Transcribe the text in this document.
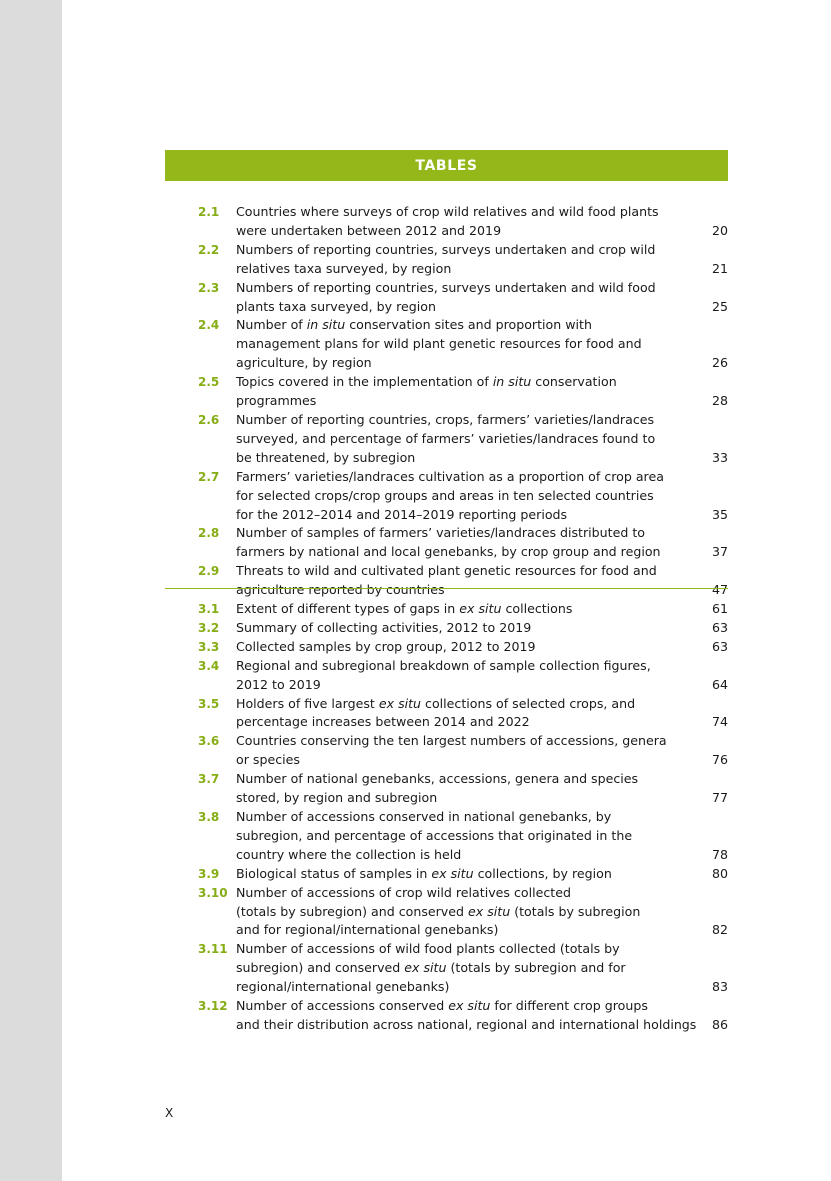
TABLES
2.1	Countries where surveys of crop wild relatives and wild food plants
were undertaken between 2012 and 2019	20
2.2	Numbers of reporting countries, surveys undertaken and crop wild
relatives taxa surveyed, by region	21
2.3	Numbers of reporting countries, surveys undertaken and wild food
plants taxa surveyed, by region	25
2.4	Number of in situ conservation sites and proportion with
management plans for wild plant genetic resources for food and
agriculture, by region	26
2.5	Topics covered in the implementation of in situ conservation programmes	28
2.6	Number of reporting countries, crops, farmers’ varieties/landraces
surveyed, and percentage of farmers’ varieties/landraces found to
be threatened, by subregion	33
2.7	Farmers’ varieties/landraces cultivation as a proportion of crop area
for selected crops/crop groups and areas in ten selected countries
for the 2012–2014 and 2014–2019 reporting periods	35
2.8	Number of samples of farmers’ varieties/landraces distributed to
farmers by national and local genebanks, by crop group and region	37
2.9	Threats to wild and cultivated plant genetic resources for food and
agriculture reported by countries	47
3.1	Extent of different types of gaps in ex situ collections	61
3.2	Summary of collecting activities, 2012 to 2019	63
3.3	Collected samples by crop group, 2012 to 2019	63
3.4	Regional and subregional breakdown of sample collection figures,
2012 to 2019	64
3.5	Holders of five largest ex situ collections of selected crops, and
percentage increases between 2014 and 2022	74
3.6	Countries conserving the ten largest numbers of accessions, genera
or species	76
3.7	Number of national genebanks, accessions, genera and species
stored, by region and subregion	77
3.8	Number of accessions conserved in national genebanks, by
subregion, and percentage of accessions that originated in the
country where the collection is held	78
3.9	Biological status of samples in ex situ collections, by region	80
3.10 Number of accessions of crop wild relatives collected
(totals by subregion) and conserved ex situ (totals by subregion
and for regional/international genebanks)	82
3.11 Number of accessions of wild food plants collected (totals by
subregion) and conserved ex situ (totals by subregion and for
regional/international genebanks)	83
3.12 Number of accessions conserved ex situ for different crop groups
and their distribution across national, regional and international holdings 86
X
